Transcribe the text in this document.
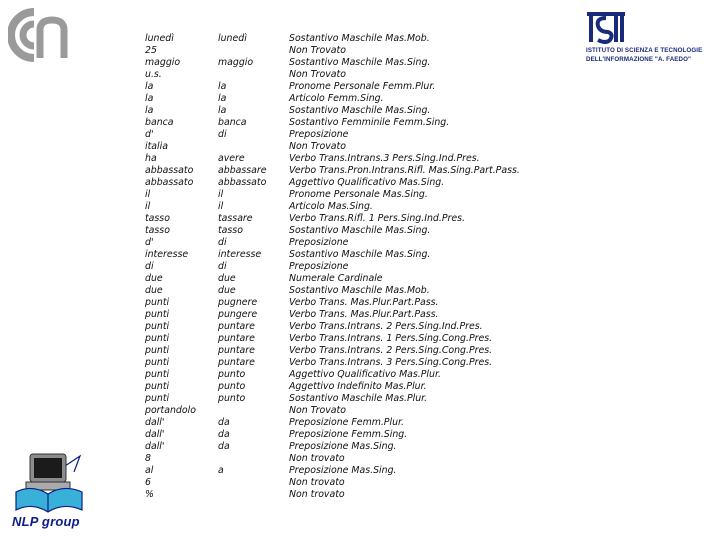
ISTITUTO DI SCIENZA E TECNOLOGIE
DELL'INFORMAZIONE "A. FAEDO"
NLP group
lunedì	lunedì	Sostantivo Maschile Mas.Mob.
25		Non Trovato
maggio	maggio	Sostantivo Maschile Mas.Sing.
u.s.		Non Trovato
la	la	Pronome Personale Femm.Plur.
la	la	Articolo Femm.Sing.
la	la	Sostantivo Maschile Mas.Sing.
banca	banca	Sostantivo Femminile Femm.Sing.
d'	di	Preposizione
italia		Non Trovato
ha	avere	Verbo Trans.Intrans.3 Pers.Sing.Ind.Pres.
abbassato	abbassare	Verbo Trans.Pron.Intrans.Rifl. Mas.Sing.Part.Pass.
abbassato	abbassato	Aggettivo Qualificativo Mas.Sing.
il	il	Pronome Personale Mas.Sing.
il	il	Articolo Mas.Sing.
tasso	tassare	Verbo Trans.Rifl. 1 Pers.Sing.Ind.Pres.
tasso	tasso	Sostantivo Maschile Mas.Sing.
d'	di	Preposizione
interesse	interesse	Sostantivo Maschile Mas.Sing.
di	di	Preposizione
due	due	Numerale Cardinale
due	due	Sostantivo Maschile Mas.Mob.
punti	pugnere	Verbo Trans. Mas.Plur.Part.Pass.
punti	pungere	Verbo Trans. Mas.Plur.Part.Pass.
punti	puntare	Verbo Trans.Intrans. 2 Pers.Sing.Ind.Pres.
punti	puntare	Verbo Trans.Intrans. 1 Pers.Sing.Cong.Pres.
punti	puntare	Verbo Trans.Intrans. 2 Pers.Sing.Cong.Pres.
punti	puntare	Verbo Trans.Intrans. 3 Pers.Sing.Cong.Pres.
punti	punto	Aggettivo Qualificativo Mas.Plur.
punti	punto	Aggettivo Indefinito Mas.Plur.
punti	punto	Sostantivo Maschile Mas.Plur.
portandolo		Non Trovato
dall'	da	Preposizione Femm.Plur.
dall'	da	Preposizione Femm.Sing.
dall'	da	Preposizione Mas.Sing.
8		Non trovato
al	a	Preposizione Mas.Sing.
6		Non trovato
%		Non trovato
